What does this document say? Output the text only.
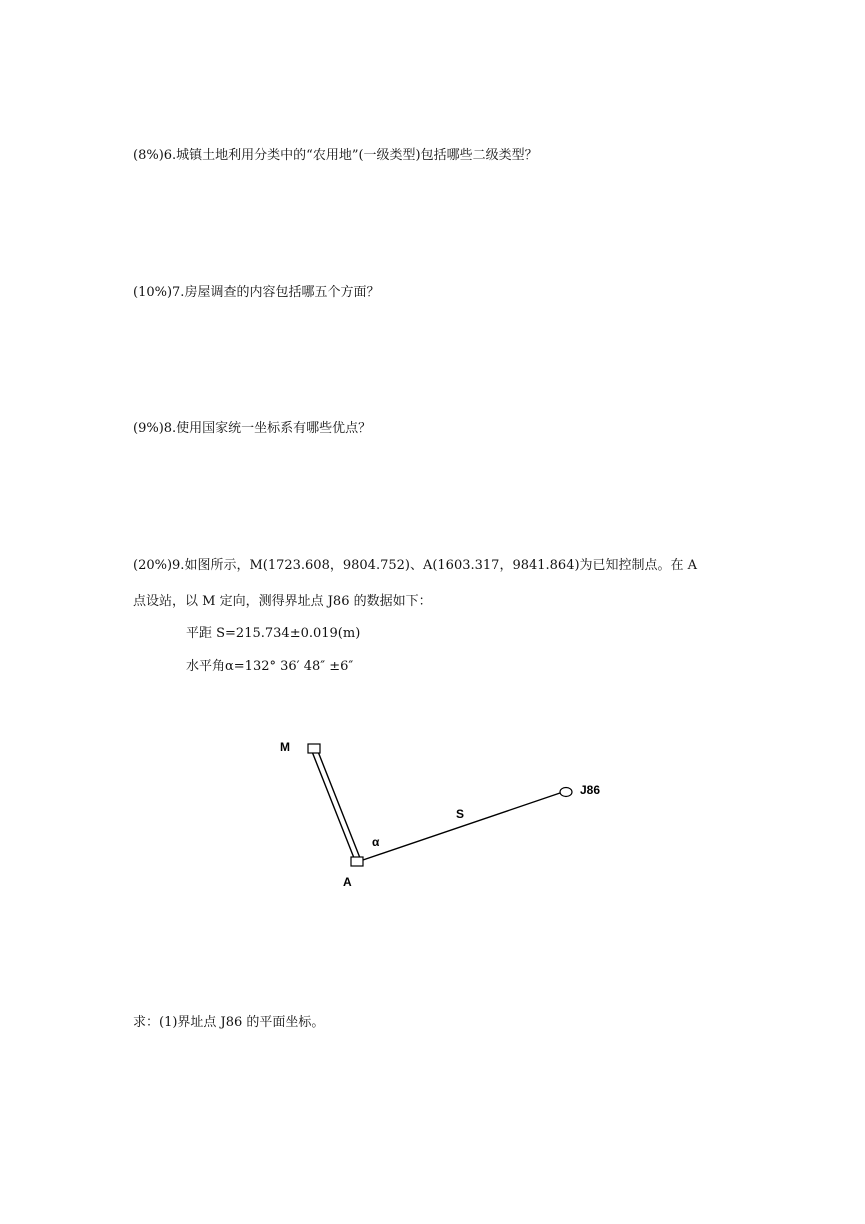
(8%)6.城镇土地利用分类中的“农用地”(一级类型)包括哪些二级类型？
(10%)7.房屋调查的内容包括哪五个方面？
(9%)8.使用国家统一坐标系有哪些优点？
(20%)9.如图所示，M(1723.608，9804.752)、A(1603.317，9841.864)为已知控制点。在 A
点设站，以 M 定向，测得界址点 J86 的数据如下：
平距 S=215.734±0.019(m)
水平角α=132° 36′ 48″ ±6″
M
A
J86
S
α
求：(1)界址点 J86 的平面坐标。
